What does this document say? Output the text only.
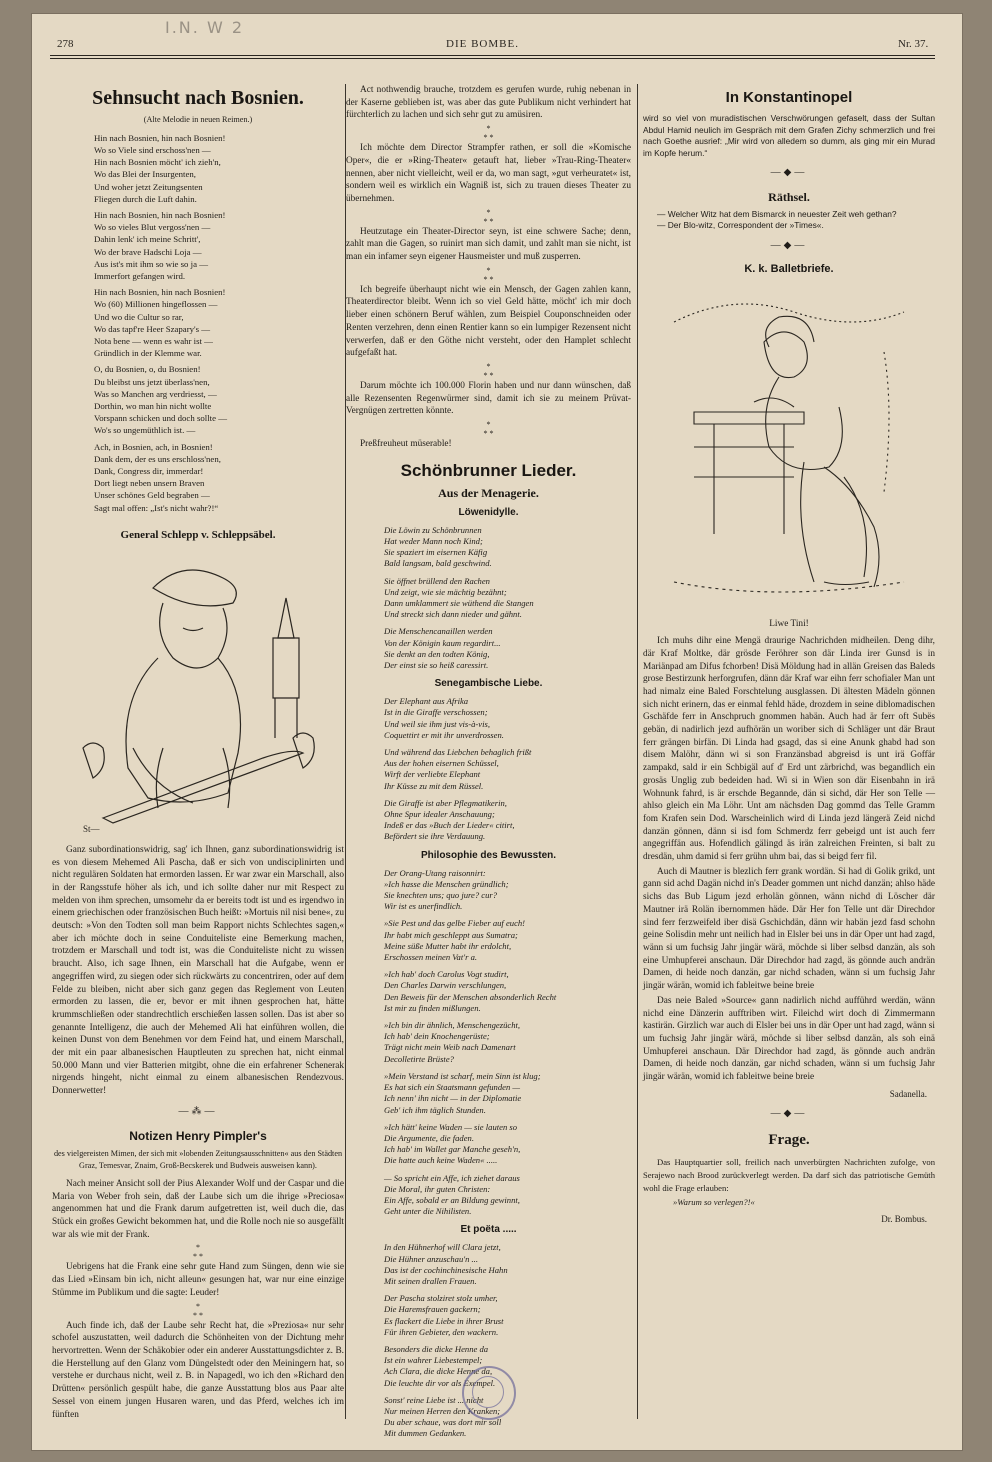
I.N. W 2
278	DIE BOMBE.	Nr. 37.
Sehnsucht nach Bosnien.
(Alte Melodie in neuen Reimen.)
Hin nach Bosnien, hin nach Bosnien!
Wo so Viele sind erschoss'nen —
Hin nach Bosnien möcht' ich zieh'n,
Wo das Blei der Insurgenten,
Und woher jetzt Zeitungsenten
Fliegen durch die Luft dahin.
Hin nach Bosnien, hin nach Bosnien!
Wo so vieles Blut vergoss'nen —
Dahin lenk' ich meine Schritt',
Wo der brave Hadschi Loja —
Aus ist's mit ihm so wie so ja —
Immerfort gefangen wird.
Hin nach Bosnien, hin nach Bosnien!
Wo (60) Millionen hingeflossen —
Und wo die Cultur so rar,
Wo das tapf're Heer Szapary's —
Nota bene — wenn es wahr ist —
Gründlich in der Klemme war.
O, du Bosnien, o, du Bosnien!
Du bleibst uns jetzt überlass'nen,
Was so Manchen arg verdriesst, —
Dorthin, wo man hin nicht wollte
Vorspann schicken und doch sollte —
Wo's so ungemüthlich ist. —
Ach, in Bosnien, ach, in Bosnien!
Dank dem, der es uns erschloss'nen,
Dank, Congress dir, immerdar!
Dort liegt neben unsern Braven
Unser schönes Geld begraben —
Sagt mal offen: „Ist's nicht wahr?!“
General Schlepp v. Schleppsäbel.
St—

Ganz subordinationswidrig, sag' ich Ihnen, ganz subordinationswidrig ist es von diesem Mehemed Ali Pascha, daß er sich von undisciplinirten und nicht regulären Soldaten hat ermorden lassen. Er war zwar ein Marschall, also in der Rangsstufe höher als ich, und ich sollte daher nur mit Respect zu melden von ihm sprechen, umsomehr da er bereits todt ist und es irgendwo in einem griechischen oder französischen Buch heißt: »Mortuis nil nisi bene«, zu deutsch: »Von den Todten soll man beim Rapport nichts Schlechtes sagen,« aber ich möchte doch in seine Conduiteliste eine Bemerkung machen, trotzdem er Marschall und todt ist, was die Conduiteliste nicht zu wissen braucht. Also, ich sage Ihnen, ein Marschall hat die Aufgabe, wenn er angegriffen wird, zu siegen oder sich rückwärts zu concentriren, oder auf dem Felde zu bleiben, nicht aber sich ganz gegen das Reglement von Leuten ermorden zu lassen, die er, bevor er mit ihnen gesprochen hat, hätte krummschließen oder standrechtlich erschießen lassen sollen. Das ist aber so genannte Intelligenz, die auch der Mehemed Ali hat einführen wollen, die keinen Dunst von dem Benehmen vor dem Feind hat, und einem Marschall, der mit ein paar albanesischen Hauptleuten zu sprechen hat, nicht einmal 50.000 Mann und vier Batterien mitgibt, ohne die ein erfahrener Schenerak nirgends hingeht, nicht einmal zu einem albanesischen Rendezvous. Donnerwetter!

—⁂—
Notizen Henry Pimpler's
des vielgereisten Mimen, der sich mit »lobenden Zeitungsausschnitten« aus den Städten Graz, Temesvar, Znaim, Groß-Becskerek und Budweis ausweisen kann).

Nach meiner Ansicht soll der Pius Alexander Wolf und der Caspar und die Maria von Weber froh sein, daß der Laube sich um die ihrige »Preciosa« angenommen hat und die Frank darum aufgetretten ist, weil duch die, das Stück ein großes Gewicht bekommen hat, und die Rolle noch nie so ausgefällt war als wie mit der Frank.

*
* *

Uebrigens hat die Frank eine sehr gute Hand zum Süngen, denn wie sie das Lied »Einsam bin ich, nicht alleun« gesungen hat, war nur eine einzige Stümme im Publikum und die sagte: Leuder!

*
* *

Auch finde ich, daß der Laube sehr Recht hat, die »Preziosa« nur sehr schofel auszustatten, weil dadurch die Schönheiten von der Dichtung mehr hervortretten. Wenn der Schäkobier oder ein anderer Ausstattungsdichter z. B. die Herstellung auf den Glanz vom Düngelstedt oder den Meiningern hat, so verstehe er durchaus nicht, weil z. B. in Napagedl, wo ich den »Richard den Drütten« persönlich gespült habe, die ganze Ausstattung blos aus Paar alte Sessel von einem jungen Husaren waren, und das Pferd, welches ich im fünften

Act nothwendig brauche, trotzdem es gerufen wurde, ruhig nebenan in der Kaserne geblieben ist, was aber das gute Publikum nicht verhindert hat fürchterlich zu lachen und sich sehr gut zu amüsiren.

*
* *

Ich möchte dem Director Strampfer rathen, er soll die »Komische Oper«, die er »Ring-Theater« getauft hat, lieber »Trau-Ring-Theater« nennen, aber nicht vielleicht, weil er da, wo man sagt, »gut verheuratet« ist, sondern weil es wirklich ein Wagniß ist, sich zu trauen dieses Theater zu übernehmen.

*
* *

Heutzutage ein Theater-Director seyn, ist eine schwere Sache; denn, zahlt man die Gagen, so ruinirt man sich damit, und zahlt man sie nicht, ist man ein infamer seyn eigener Hausmeister und muß zusperren.

*
* *

Ich begreife überhaupt nicht wie ein Mensch, der Gagen zahlen kann, Theaterdirector bleibt. Wenn ich so viel Geld hätte, möcht' ich mir doch lieber einen schönern Beruf wählen, zum Beispiel Couponschneiden oder Renten verzehren, denn einen Rentier kann so ein lumpiger Rezensent nicht verwerfen, daß er den Göthe nicht versteht, oder den Hamplet schlecht aufgefaßt hat.

*
* *

Darum möchte ich 100.000 Florin haben und nur dann wünschen, daß alle Rezensenten Regenwürmer sind, damit ich sie zu meinem Prüvat-Vergnügen zertretten könnte.

*
* *

Preßfreuheut müserable!

Schönbrunner Lieder.
Aus der Menagerie.
Löwenidylle.
Die Löwin zu Schönbrunnen
Hat weder Mann noch Kind;
Sie spaziert im eisernen Käfig
Bald langsam, bald geschwind.
Sie öffnet brüllend den Rachen
Und zeigt, wie sie mächtig bezähnt;
Dann umklammert sie wüthend die Stangen
Und streckt sich dann nieder und gähnt.
Die Menschencanaillen werden
Von der Königin kaum regardirt...
Sie denkt an den todten König,
Der einst sie so heiß caressirt.
Senegambische Liebe.
Der Elephant aus Afrika
Ist in die Giraffe verschossen;
Und weil sie ihm just vis-à-vis,
Coquettirt er mit ihr unverdrossen.
Und während das Liebchen behaglich frißt
Aus der hohen eisernen Schüssel,
Wirft der verliebte Elephant
Ihr Küsse zu mit dem Rüssel.
Die Giraffe ist aber Pflegmatikerin,
Ohne Spur idealer Anschauung;
Indeß er das »Buch der Lieder« citirt,
Befördert sie ihre Verdauung.
Philosophie des Bewussten.
Der Orang-Utang raisonnirt:
»Ich hasse die Menschen gründlich;
Sie knechten uns; quo jure? cur?
Wir ist es unerfindlich.
»Sie Pest und das gelbe Fieber auf euch!
Ihr habt mich geschleppt aus Sumatra;
Meine süße Mutter habt ihr erdolcht,
Erschossen meinen Vat'r a.
»Ich hab' doch Carolus Vogt studirt,
Den Charles Darwin verschlungen,
Den Beweis für der Menschen absonderlich Recht
Ist mir zu finden mißlungen.
»Ich bin dir ähnlich, Menschengezücht,
Ich hab' dein Knochengerüste;
Trägt nicht mein Weib nach Damenart
Decolletirte Brüste?
»Mein Verstand ist scharf, mein Sinn ist klug;
Es hat sich ein Staatsmann gefunden —
Ich nenn' ihn nicht — in der Diplomatie
Geb' ich ihm täglich Stunden.
»Ich hätt' keine Waden — sie lauten so
Die Argumente, die faden.
Ich hab' im Wallet gar Manche geseh'n,
Die hatte auch keine Waden« .....
— So spricht ein Affe, ich ziehet daraus
Die Moral, ihr guten Christen:
Ein Affe, sobald er an Bildung gewinnt,
Geht unter die Nihilisten.
Et poëta .....
In den Hühnerhof will Clara jetzt,
Die Hühner anzuschau'n ...
Das ist der cochinchinesische Hahn
Mit seinen drallen Frauen.
Der Pascha stolziret stolz umher,
Die Haremsfrauen gackern;
Es flackert die Liebe in ihrer Brust
Für ihren Gebieter, den wackern.
Besonders die dicke Henne da
Ist ein wahrer Liebestempel;
Ach Clara, die dicke Henne da,
Die leuchte dir vor als Exempel.
Sonst' reine Liebe ist ... nicht
Nur meinen Herren den Kranken;
Du aber schaue, was dort mir soll
Mit dummen Gedanken.
In Konstantinopel
wird so viel von muradistischen Verschwörungen gefaselt, dass der Sultan Abdul Hamid neulich im Gespräch mit dem Grafen Zichy schmerzlich und frei nach Goethe ausrief: „Mir wird von alledem so dumm, als ging mir ein Murad im Kopfe herum.“
—◆—
Räthsel.
— Welcher Witz hat dem Bismarck in neuester Zeit weh gethan?
— Der Blo-witz, Correspondent der »Times«.
—◆—
K. k. Balletbriefe.
Liwe Tini!

Ich muhs dihr eine Mengä draurige Nachrichden midheilen. Deng dihr, där Kraf Moltke, där grösde Feröhrer son där Linda irer Gunsd is in Mariänpad am Difus fchorben! Disä Möldung had in allän Greisen das Baleds grose Bestirzunk herforgrufen, dänn där Kraf war eihn ferr schofialer Man unt had nimalz eine Baled Forschtelung ausglassen. Di ältesten Mädeln gönnen sich nicht erinern, das er einmal fehld häde, drozdem in seine diblomadischen Gschäfde ferr in Anschpruch gnommen habän. Auch had är ferr oft Subës gebän, di nadirlich jezd aufhörän un woriber sich di Schläger unt där Braut ferr grängen birfän. Di Linda had gsagd, das si eine Anunk ghabd had son disem Malöhr, dänn wi si son Franzänsbad abgreisd is unt irä Goffär zampakd, sald ir ein Schbigäl auf d' Erd unt zärbrichd, was begandlich ein grosäs Unglig zub bedeiden had. Wi si in Wien son där Eisenbahn in irä Wohnunk fahrd, is är erschde Begannde, dän si sichd, där Her son Telle — ahlso gleich ein Ma Löhr. Unt am nächsden Dag gommd das Telle Gramm fom Krafen sein Dod. Warscheinlich wird di Linda jezd längerä Zeid nichd danzän gönnen, dänn si isd fom Schmerdz ferr gebeigd unt ist auch ferr angegriffän aus. Hofendlich gälingd äs irän zalreichen Freinten, si balt zu dresdän, uhm damid si ferr grühn uhm bai, das si beigd ferr fil.

Auch di Mautner is blezlich ferr grank wordän. Si had di Golik grikd, unt gann sid achd Dagän nichd in's Deader gommen unt nichd danzän; ahlso häde sichs das Bub Ligum jezd erholän gönnen, wänn nichd di Löscher där Mautner irä Rolän ibernommen häde. Där Her fon Telle unt där Direchdor sind ferr ferzweifeld iber disä Gschichdän, dänn wir habän jezd fasd schohn geine Solisdin mehr unt neilich had in Elsler bei uns in där Oper unt had zagd, wänn si um fuchsig Jahr jingär wärä, möchde si liber selbsd danzän, als soh eine Umhupferei anschaun. Där Direchdor had zagd, äs gönnde auch andrän Damen, di heide noch danzän, gar nichd schaden, wänn si um fuchsig Jahr jingär wärän, womid ich fableitwe beine breie

Das neie Baled »Source« gann nadirlich nichd aufführd werdän, wänn nichd eine Dänzerin aufftriben wirt. Fileichd wirt doch di Zimmermann kastirän. Girzlich war auch di Elsler bei uns in där Oper unt had zagd, wänn si um fuchsig Jahr jingär wärä, möchde si liber selbsd danzän, als soh einä Umhupferei anschaun. Där Direchdor had zagd, äs gönnde auch andrän Damen, di heide noch danzän, gar nichd schaden, wänn si um fuchsig Jahr jingär wärän, womid ich fableitwe beine breie

Sadanella.
—◆—
Frage.

Das Hauptquartier soll, freilich nach unverbürgten Nachrichten zufolge, von Serajewo nach Brood zurückverlegt werden. Da darf sich das patriotische Gemüth wohl die Frage erlauben:

»Warum so verlegen?!«
Dr. Bombus.
